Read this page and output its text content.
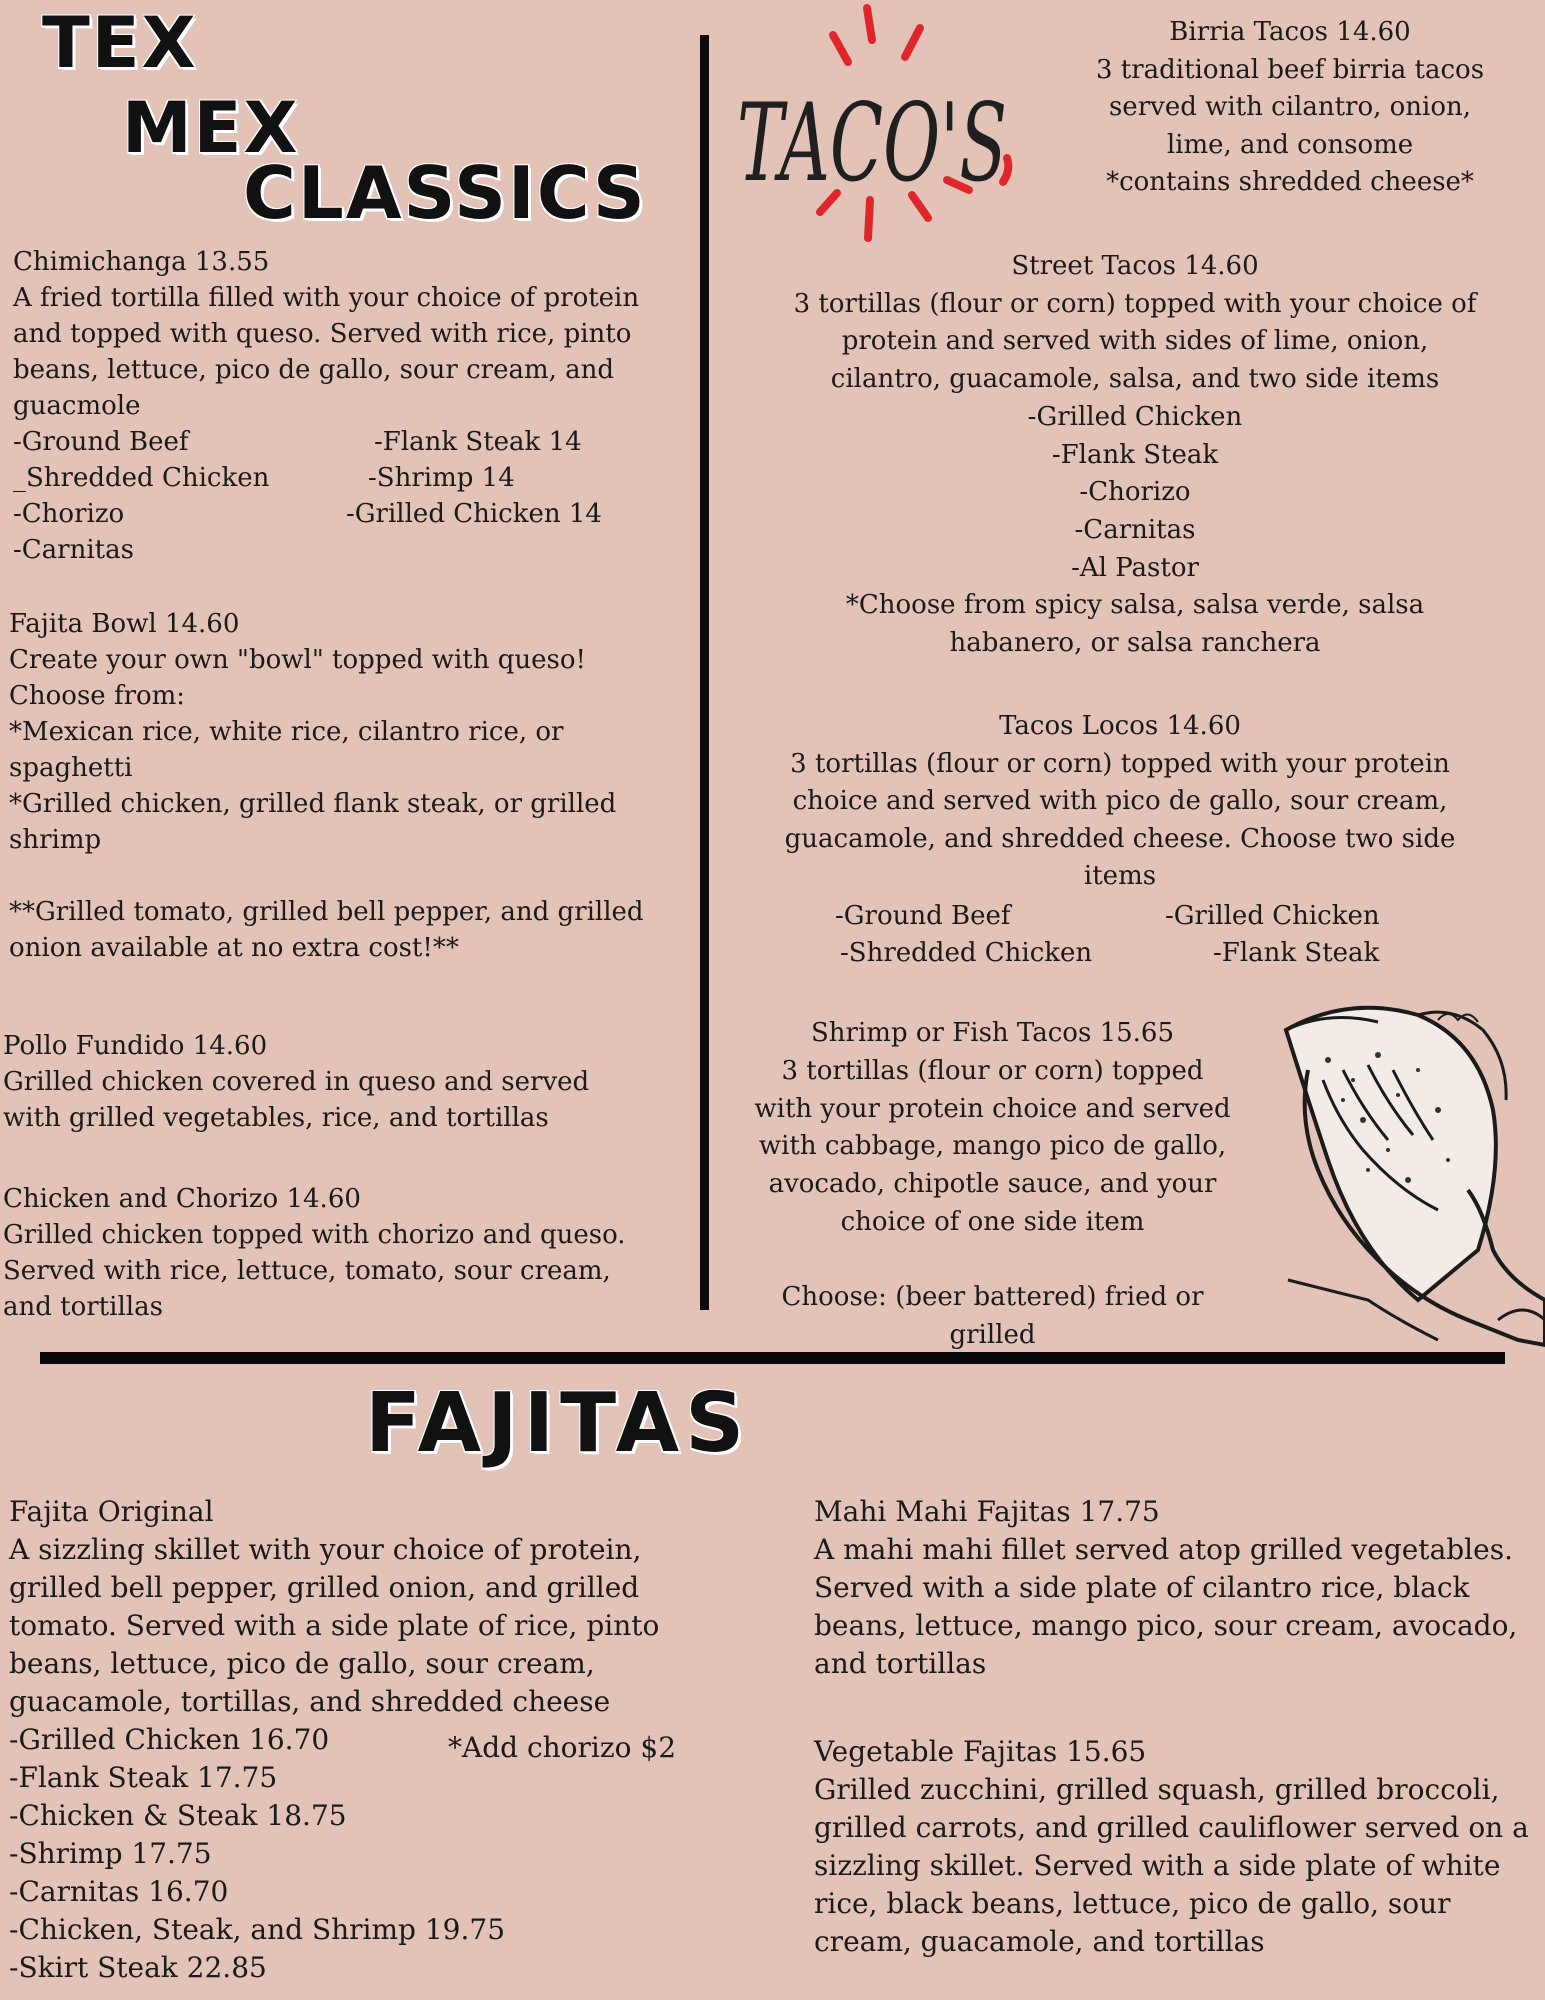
TEX
MEX
CLASSICS
Chimichanga 13.55
A fried tortilla filled with your choice of protein and topped with queso. Served with rice, pinto beans, lettuce, pico de gallo, sour cream, and guacmole
-Ground Beef
_Shredded Chicken
-Chorizo
-Carnitas
-Flank Steak 14
-Shrimp 14
-Grilled Chicken 14
Fajita Bowl 14.60
Create your own "bowl" topped with queso!
Choose from:
*Mexican rice, white rice, cilantro rice, or spaghetti
*Grilled chicken, grilled flank steak, or grilled shrimp
**Grilled tomato, grilled bell pepper, and grilled onion available at no extra cost!**
Pollo Fundido 14.60
Grilled chicken covered in queso and served with grilled vegetables, rice, and tortillas
Chicken and Chorizo 14.60
Grilled chicken topped with chorizo and queso. Served with rice, lettuce, tomato, sour cream, and tortillas
TACO'S
Birria Tacos 14.60
3 traditional beef birria tacos
served with cilantro, onion,
lime, and consome
*contains shredded cheese*
Street Tacos 14.60
3 tortillas (flour or corn) topped with your choice of
protein and served with sides of lime, onion,
cilantro, guacamole, salsa, and two side items
-Grilled Chicken
-Flank Steak
-Chorizo
-Carnitas
-Al Pastor
*Choose from spicy salsa, salsa verde, salsa
habanero, or salsa ranchera
Tacos Locos 14.60
3 tortillas (flour or corn) topped with your protein
choice and served with pico de gallo, sour cream,
guacamole, and shredded cheese. Choose two side
items
-Ground Beef	-Grilled Chicken
-Shredded Chicken	-Flank Steak
Shrimp or Fish Tacos 15.65
3 tortillas (flour or corn) topped
with your protein choice and served
with cabbage, mango pico de gallo,
avocado, chipotle sauce, and your
choice of one side item
Choose: (beer battered) fried or
grilled
FAJITAS
Fajita Original
A sizzling skillet with your choice of protein, grilled bell pepper, grilled onion, and grilled tomato. Served with a side plate of rice, pinto beans, lettuce, pico de gallo, sour cream, guacamole, tortillas, and shredded cheese
-Grilled Chicken 16.70
-Flank Steak 17.75
-Chicken & Steak 18.75
-Shrimp 17.75
-Carnitas 16.70
-Chicken, Steak, and Shrimp 19.75
-Skirt Steak 22.85
*Add chorizo $2
Mahi Mahi Fajitas 17.75
A mahi mahi fillet served atop grilled vegetables. Served with a side plate of cilantro rice, black beans, lettuce, mango pico, sour cream, avocado, and tortillas
Vegetable Fajitas 15.65
Grilled zucchini, grilled squash, grilled broccoli, grilled carrots, and grilled cauliflower served on a sizzling skillet. Served with a side plate of white rice, black beans, lettuce, pico de gallo, sour cream, guacamole, and tortillas
